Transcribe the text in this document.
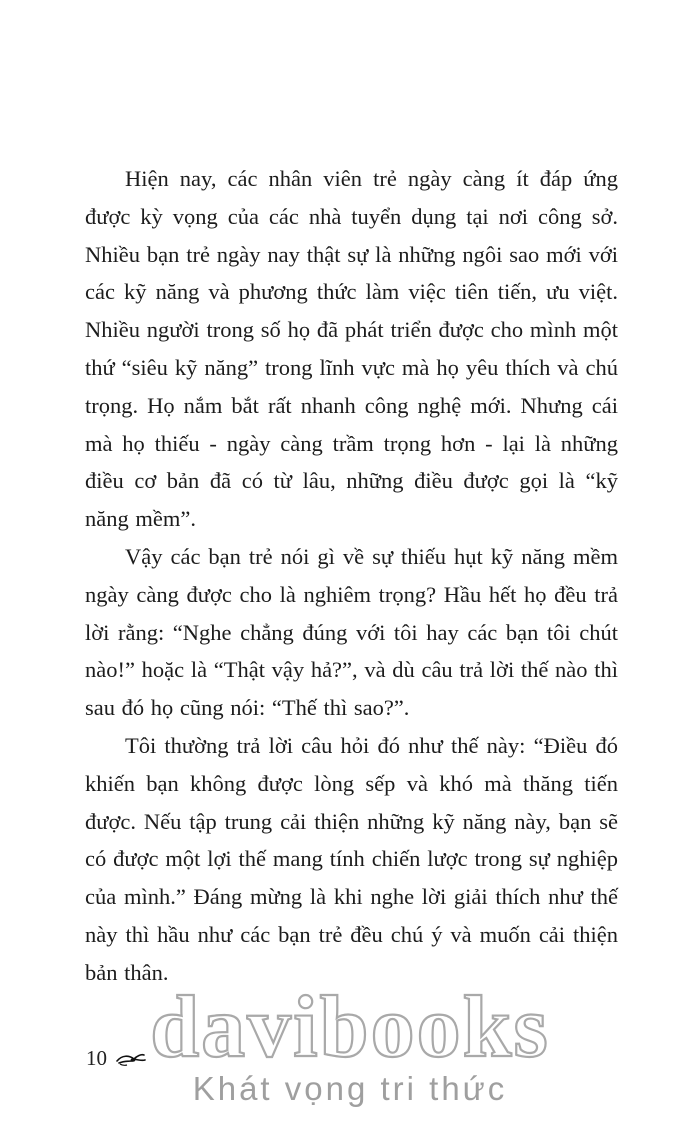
Hiện nay, các nhân viên trẻ ngày càng ít đáp ứng được kỳ vọng của các nhà tuyển dụng tại nơi công sở. Nhiều bạn trẻ ngày nay thật sự là những ngôi sao mới với các kỹ năng và phương thức làm việc tiên tiến, ưu việt. Nhiều người trong số họ đã phát triển được cho mình một thứ “siêu kỹ năng” trong lĩnh vực mà họ yêu thích và chú trọng. Họ nắm bắt rất nhanh công nghệ mới. Nhưng cái mà họ thiếu - ngày càng trầm trọng hơn - lại là những điều cơ bản đã có từ lâu, những điều được gọi là “kỹ năng mềm”.

Vậy các bạn trẻ nói gì về sự thiếu hụt kỹ năng mềm ngày càng được cho là nghiêm trọng? Hầu hết họ đều trả lời rằng: “Nghe chẳng đúng với tôi hay các bạn tôi chút nào!” hoặc là “Thật vậy hả?”, và dù câu trả lời thế nào thì sau đó họ cũng nói: “Thế thì sao?”.

Tôi thường trả lời câu hỏi đó như thế này: “Điều đó khiến bạn không được lòng sếp và khó mà thăng tiến được. Nếu tập trung cải thiện những kỹ năng này, bạn sẽ có được một lợi thế mang tính chiến lược trong sự nghiệp của mình.” Đáng mừng là khi nghe lời giải thích như thế này thì hầu như các bạn trẻ đều chú ý và muốn cải thiện bản thân.

davibooks
Khát vọng tri thức
10
